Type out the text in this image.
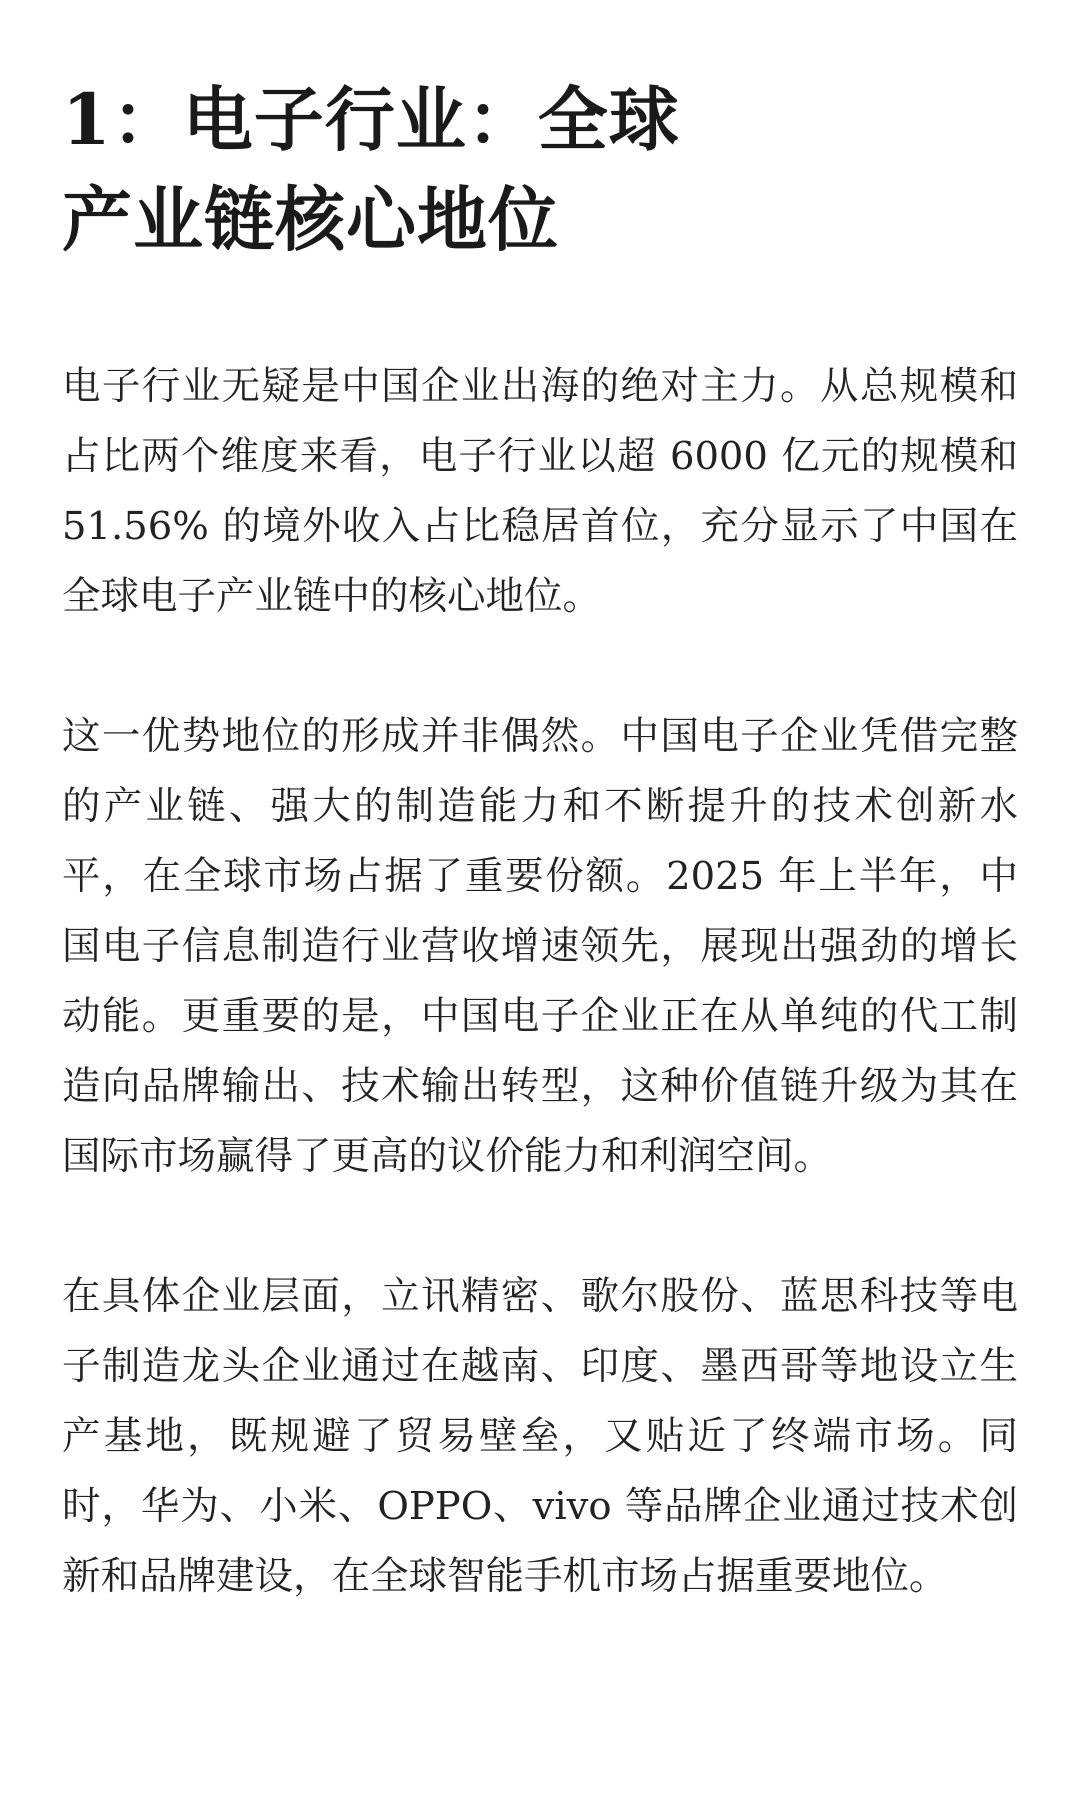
1：电子行业：全球
产业链核心地位

电子行业无疑是中国企业出海的绝对主力。从总规模和占比两个维度来看，电子行业以超 6000 亿元的规模和 51.56% 的境外收入占比稳居首位，充分显示了中国在全球电子产业链中的核心地位。

这一优势地位的形成并非偶然。中国电子企业凭借完整的产业链、强大的制造能力和不断提升的技术创新水平，在全球市场占据了重要份额。2025 年上半年，中国电子信息制造行业营收增速领先，展现出强劲的增长动能。更重要的是，中国电子企业正在从单纯的代工制造向品牌输出、技术输出转型，这种价值链升级为其在国际市场赢得了更高的议价能力和利润空间。

在具体企业层面，立讯精密、歌尔股份、蓝思科技等电子制造龙头企业通过在越南、印度、墨西哥等地设立生产基地，既规避了贸易壁垒，又贴近了终端市场。同时，华为、小米、OPPO、vivo 等品牌企业通过技术创新和品牌建设，在全球智能手机市场占据重要地位。
